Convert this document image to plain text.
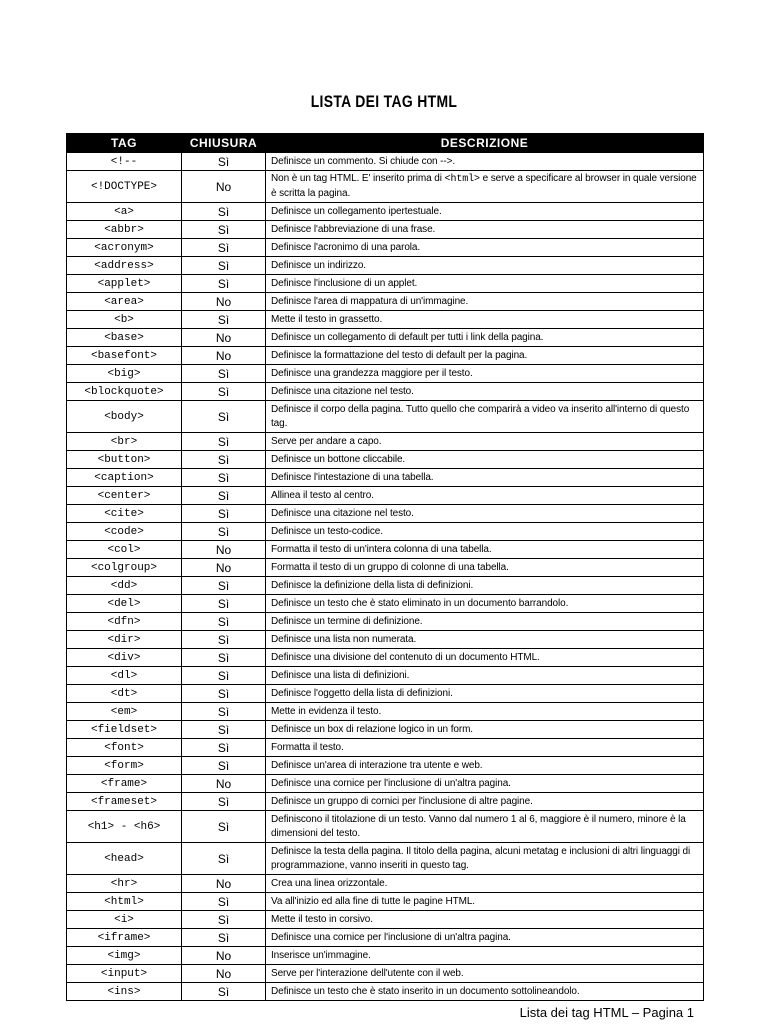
LISTA DEI TAG HTML
TAG	CHIUSURA	DESCRIZIONE
<!--	Sì	Definisce un commento. Si chiude con -->.
<!DOCTYPE>	No	Non è un tag HTML. E' inserito prima di <html> e serve a specificare al browser in quale versione è scritta la pagina.
<a>	Sì	Definisce un collegamento ipertestuale.
<abbr>	Sì	Definisce l'abbreviazione di una frase.
<acronym>	Sì	Definisce l'acronimo di una parola.
<address>	Sì	Definisce un indirizzo.
<applet>	Sì	Definisce l'inclusione di un applet.
<area>	No	Definisce l'area di mappatura di un'immagine.
<b>	Sì	Mette il testo in grassetto.
<base>	No	Definisce un collegamento di default per tutti i link della pagina.
<basefont>	No	Definisce la formattazione del testo di default per la pagina.
<big>	Sì	Definisce una grandezza maggiore per il testo.
<blockquote>	Sì	Definisce una citazione nel testo.
<body>	Sì	Definisce il corpo della pagina. Tutto quello che comparirà a video va inserito all'interno di questo tag.
<br>	Sì	Serve per andare a capo.
<button>	Sì	Definisce un bottone cliccabile.
<caption>	Sì	Definisce l'intestazione di una tabella.
<center>	Sì	Allinea il testo al centro.
<cite>	Sì	Definisce una citazione nel testo.
<code>	Sì	Definisce un testo-codice.
<col>	No	Formatta il testo di un'intera colonna di una tabella.
<colgroup>	No	Formatta il testo di un gruppo di colonne di una tabella.
<dd>	Sì	Definisce la definizione della lista di definizioni.
<del>	Sì	Definisce un testo che è stato eliminato in un documento barrandolo.
<dfn>	Sì	Definisce un termine di definizione.
<dir>	Sì	Definisce una lista non numerata.
<div>	Sì	Definisce una divisione del contenuto di un documento HTML.
<dl>	Sì	Definisce una lista di definizioni.
<dt>	Sì	Definisce l'oggetto della lista di definizioni.
<em>	Sì	Mette in evidenza il testo.
<fieldset>	Sì	Definisce un box di relazione logico in un form.
<font>	Sì	Formatta il testo.
<form>	Sì	Definisce un'area di interazione tra utente e web.
<frame>	No	Definisce una cornice per l'inclusione di un'altra pagina.
<frameset>	Sì	Definisce un gruppo di cornici per l'inclusione di altre pagine.
<h1> - <h6>	Sì	Definiscono il titolazione di un testo. Vanno dal numero 1 al 6, maggiore è il numero, minore è la dimensioni del testo.
<head>	Sì	Definisce la testa della pagina. Il titolo della pagina, alcuni metatag e inclusioni di altri linguaggi di programmazione, vanno inseriti in questo tag.
<hr>	No	Crea una linea orizzontale.
<html>	Sì	Va all'inizio ed alla fine di tutte le pagine HTML.
<i>	Sì	Mette il testo in corsivo.
<iframe>	Sì	Definisce una cornice per l'inclusione di un'altra pagina.
<img>	No	Inserisce un'immagine.
<input>	No	Serve per l'interazione dell'utente con il web.
<ins>	Sì	Definisce un testo che è stato inserito in un documento sottolineandolo.
Lista dei tag HTML – Pagina 1
